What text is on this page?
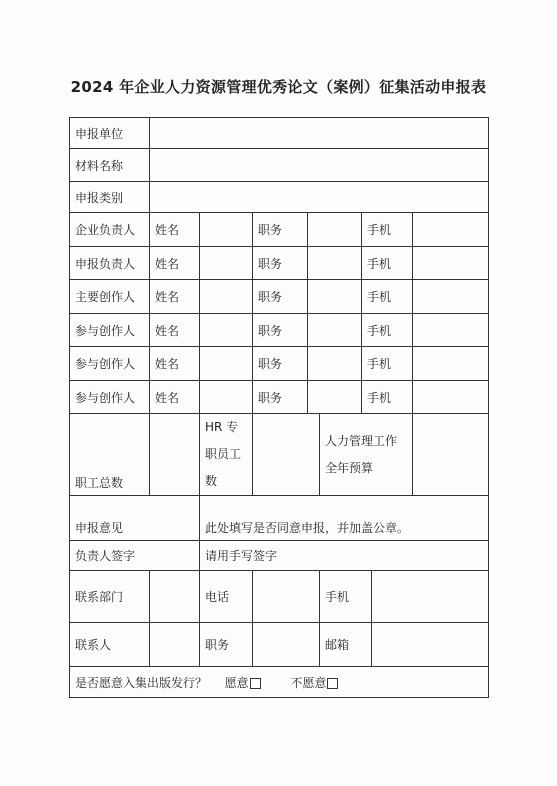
2024 年企业人力资源管理优秀论文（案例）征集活动申报表
申报单位								
材料名称								
申报类别								
企业负责人	姓名		职务			手机		
申报负责人	姓名		职务			手机		
主要创作人	姓名		职务			手机		
参与创作人	姓名		职务			手机		
参与创作人	姓名		职务			手机		
参与创作人	姓名		职务			手机		
职工总数		HR 专职员工数			人力管理工作全年预算			
申报意见		此处填写是否同意申报，并加盖公章。						
负责人签字		请用手写签字						
联系部门		电话			手机			
联系人		职务			邮箱			
是否愿意入集出版发行？ 愿意 不愿意								
